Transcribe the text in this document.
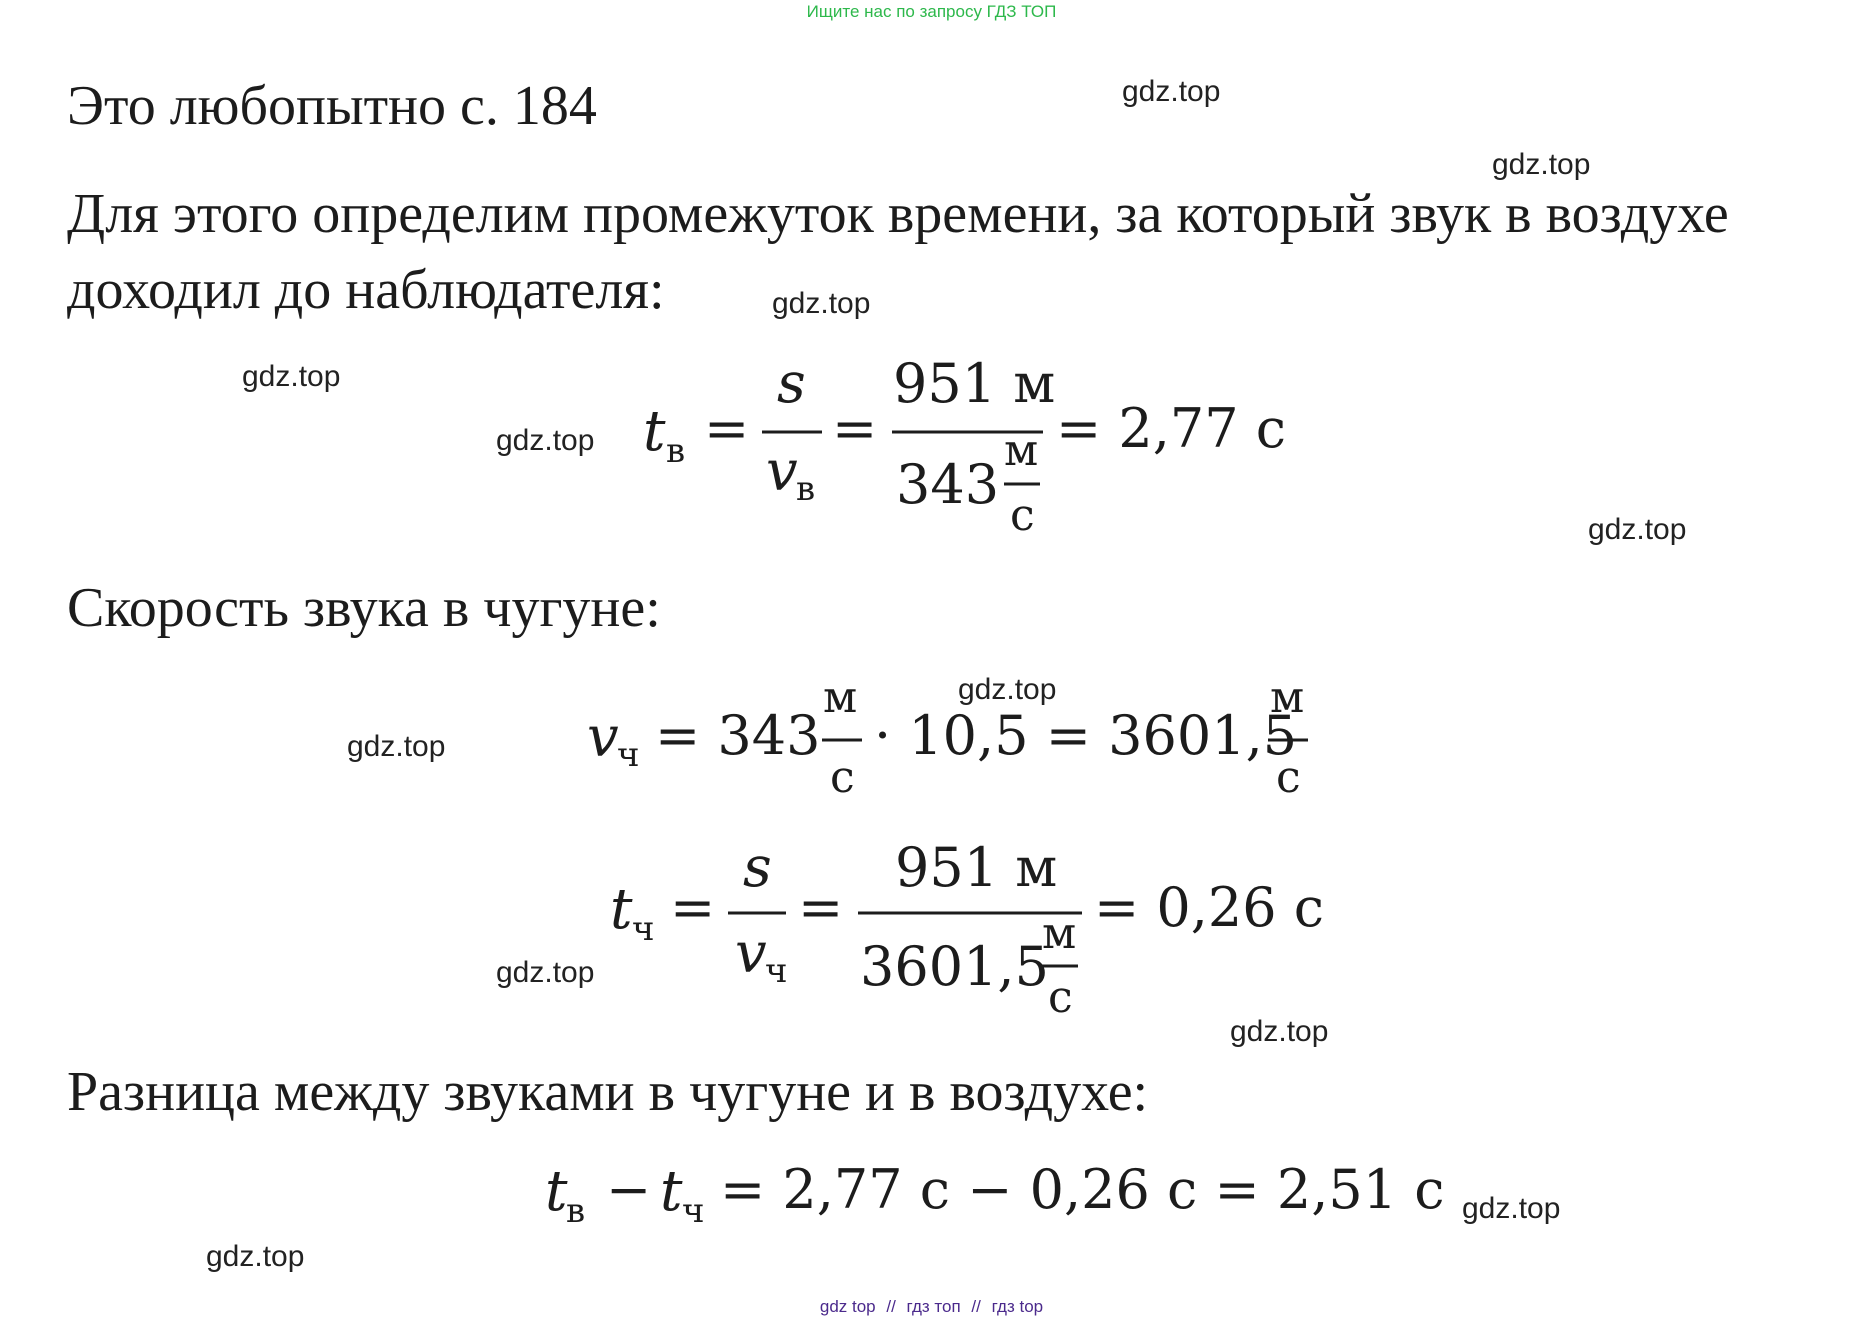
Ищите нас по запросу ГДЗ ТОП
Это любопытно с. 184

Для этого определим промежуток времени, за который звук в воздухе

доходил до наблюдателя:

Скорость звука в чугуне:

Разница между звуками в чугуне и в воздухе:

gdz.top
gdz.top
gdz.top
gdz.top
gdz.top
gdz.top
gdz.top
gdz.top
gdz.top
gdz.top
gdz.top
gdz.top
t в =
s
v
в
=
951 м
343
м
с
= 2,77 с
v
ч = 343
м
с
· 10,5 = 3601,5
м
с
t ч =
s
v
ч
=
951 м
3601,5
м
с
= 0,26 с
t
в − t ч = 2,77 с − 0,26 с = 2,51 с
gdz top // гдз топ // гдз top
